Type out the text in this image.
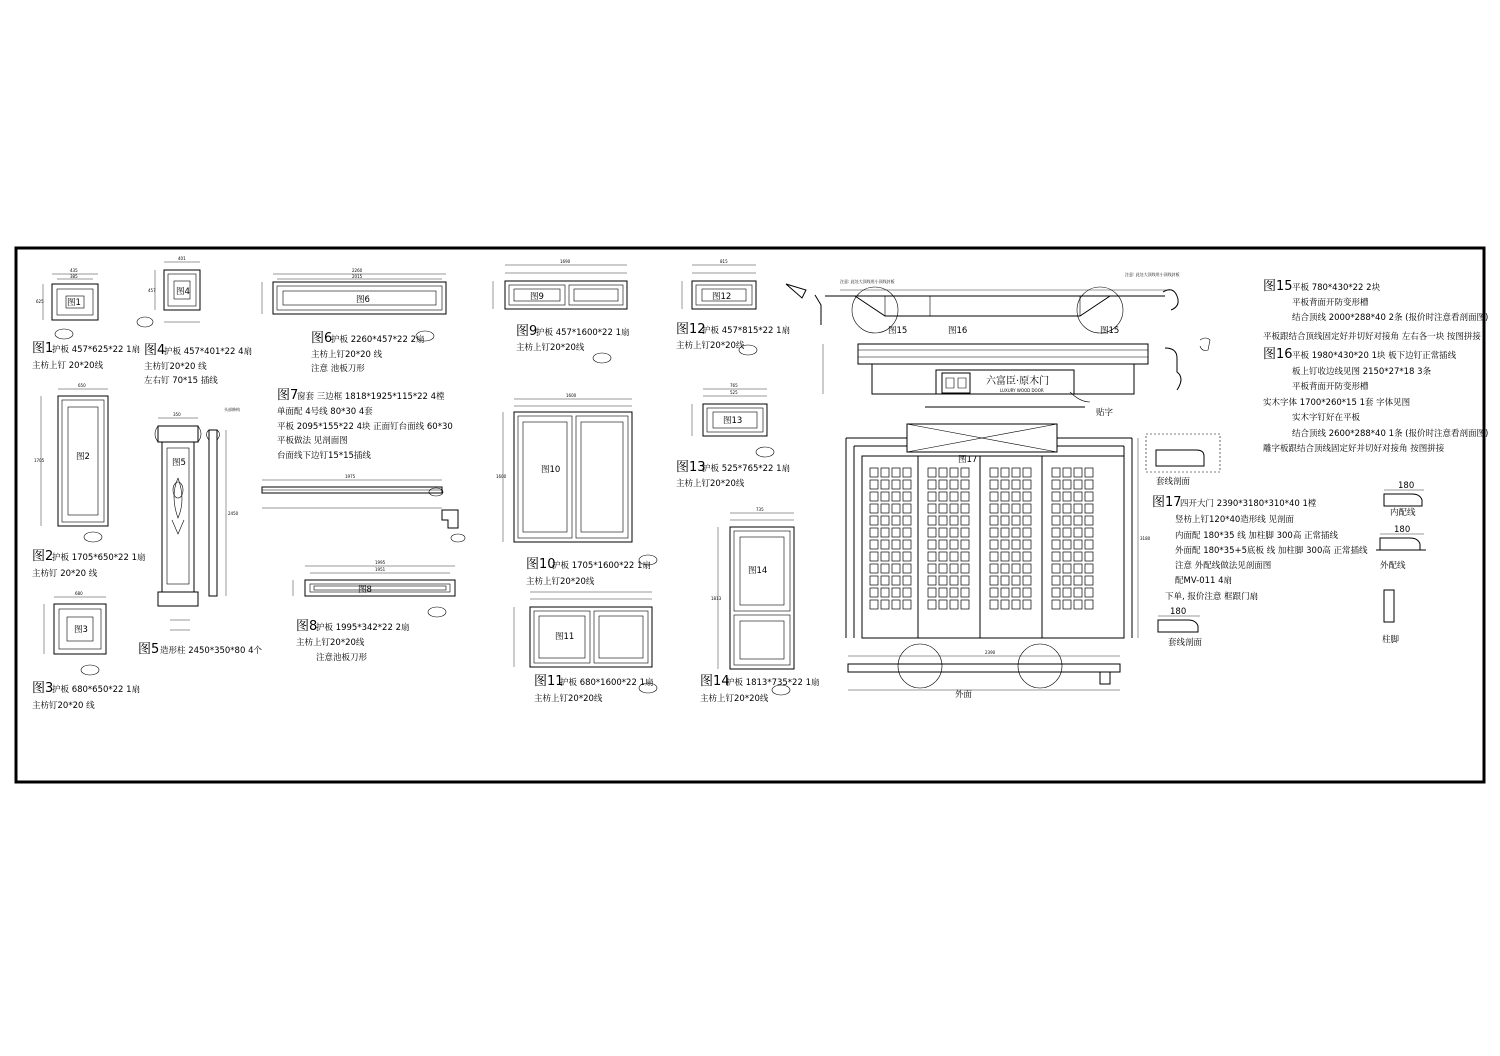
435
385
625	图1
图1
护板 457*625*22 1扇
主枋上钉 20*20线
1705
650
图2
图2
护板 1705*650*22 1扇
主枋钉 20*20 线
680
图3
图3
护板 680*650*22 1扇
主枋钉20*20 线
401
457 图4
图4
护板 457*401*22 4扇
主枋钉20*20 线
左右钉 70*15 插线
350
图5
2450
头部修构
图5 造形柱 2450*350*80 4个
2260
2015
图6
图6
护板 2260*457*22 2扇
主枋上钉20*20 线
注意 池板刀形
图7
窗套 三边框 1818*1925*115*22 4樘
单面配 4号线 80*30 4套
平板 2095*155*22 4块 正面钉台面线 60*30
平板做法 见剖面图
台面线下边钉15*15插线
1975
1995
1951
图8
图8
护板 1995*342*22 2扇
主枋上钉20*20线
注意池板刀形
1690
图9
图9
护板 457*1600*22 1扇
主枋上钉20*20线
1600
1600
图10
图10
护板 1705*1600*22 1扇
主枋上钉20*20线
图11
图11
护板 680*1600*22 1扇
主枋上钉20*20线
815
图12
图12
护板 457*815*22 1扇
主枋上钉20*20线
765
525
图13
图13
护板 525*765*22 1扇
主枋上钉20*20线
735
1813
图14
图14
护板 1813*735*22 1扇
主枋上钉20*20线
注意: 此处大顶线用小顶线封板
注意: 此处大顶线用小顶线封板
图15	图16	图15
六富臣·原木门
LUXURY WOOD DOOR
贴字
图17
3180
2390
外面
套线剖面	180
内配线
180
外配线
柱脚
180
套线剖面
图15 平板 780*430*22 2块
平板背面开防变形槽
结合顶线 2000*288*40 2条 (报价时注意看剖面图)
平板跟结合顶线固定好并切好对接角 左右各一块 按图拼接
图16 平板 1980*430*20 1块 板下边钉正常插线
板上钉收边线见图 2150*27*18 3条
平板背面开防变形槽
实木字体 1700*260*15 1套 字体见图
实木字钉好在平板
结合顶线 2600*288*40 1条 (报价时注意看剖面图)
雕字板跟结合顶线固定好并切好对接角 按图拼接
图17
四开大门 2390*3180*310*40 1樘
竖枋上钉120*40造形线 见剖面
内面配 180*35 线 加柱脚 300高 正常插线
外面配 180*35+5底板 线 加柱脚 300高 正常插线
注意 外配线做法见剖面图
配MV-011 4扇
下单, 报价注意 框跟门扇
